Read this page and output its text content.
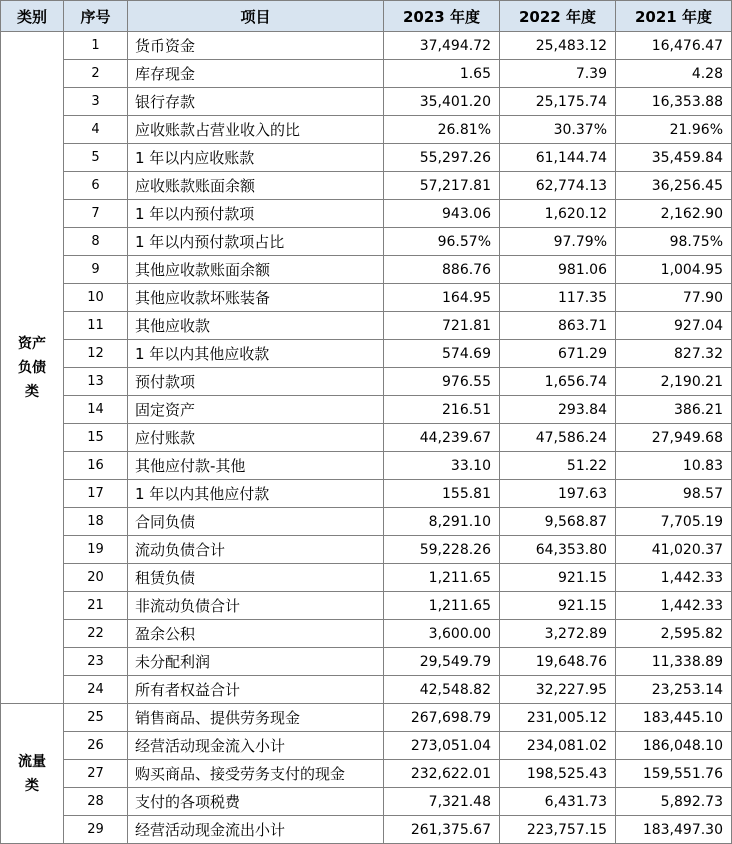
类别	序号	项目	2023 年度	2022 年度	2021 年度

资产负债类	1	货币资金	37,494.72	25,483.12	16,476.47
	2	库存现金	1.65	7.39	4.28
	3	银行存款	35,401.20	25,175.74	16,353.88
	4	应收账款占营业收入的比	26.81%	30.37%	21.96%
	5	1 年以内应收账款	55,297.26	61,144.74	35,459.84
	6	应收账款账面余额	57,217.81	62,774.13	36,256.45
	7	1 年以内预付款项	943.06	1,620.12	2,162.90
	8	1 年以内预付款项占比	96.57%	97.79%	98.75%
	9	其他应收款账面余额	886.76	981.06	1,004.95
	10	其他应收款坏账装备	164.95	117.35	77.90
	11	其他应收款	721.81	863.71	927.04
	12	1 年以内其他应收款	574.69	671.29	827.32
	13	预付款项	976.55	1,656.74	2,190.21
	14	固定资产	216.51	293.84	386.21
	15	应付账款	44,239.67	47,586.24	27,949.68
	16	其他应付款-其他	33.10	51.22	10.83
	17	1 年以内其他应付款	155.81	197.63	98.57
	18	合同负债	8,291.10	9,568.87	7,705.19
	19	流动负债合计	59,228.26	64,353.80	41,020.37
	20	租赁负债	1,211.65	921.15	1,442.33
	21	非流动负债合计	1,211.65	921.15	1,442.33
	22	盈余公积	3,600.00	3,272.89	2,595.82
	23	未分配利润	29,549.79	19,648.76	11,338.89
	24	所有者权益合计	42,548.82	32,227.95	23,253.14

流量类	25	销售商品、提供劳务现金	267,698.79	231,005.12	183,445.10
	26	经营活动现金流入小计	273,051.04	234,081.02	186,048.10
	27	购买商品、接受劳务支付的现金	232,622.01	198,525.43	159,551.76
	28	支付的各项税费	7,321.48	6,431.73	5,892.73
	29	经营活动现金流出小计	261,375.67	223,757.15	183,497.30
